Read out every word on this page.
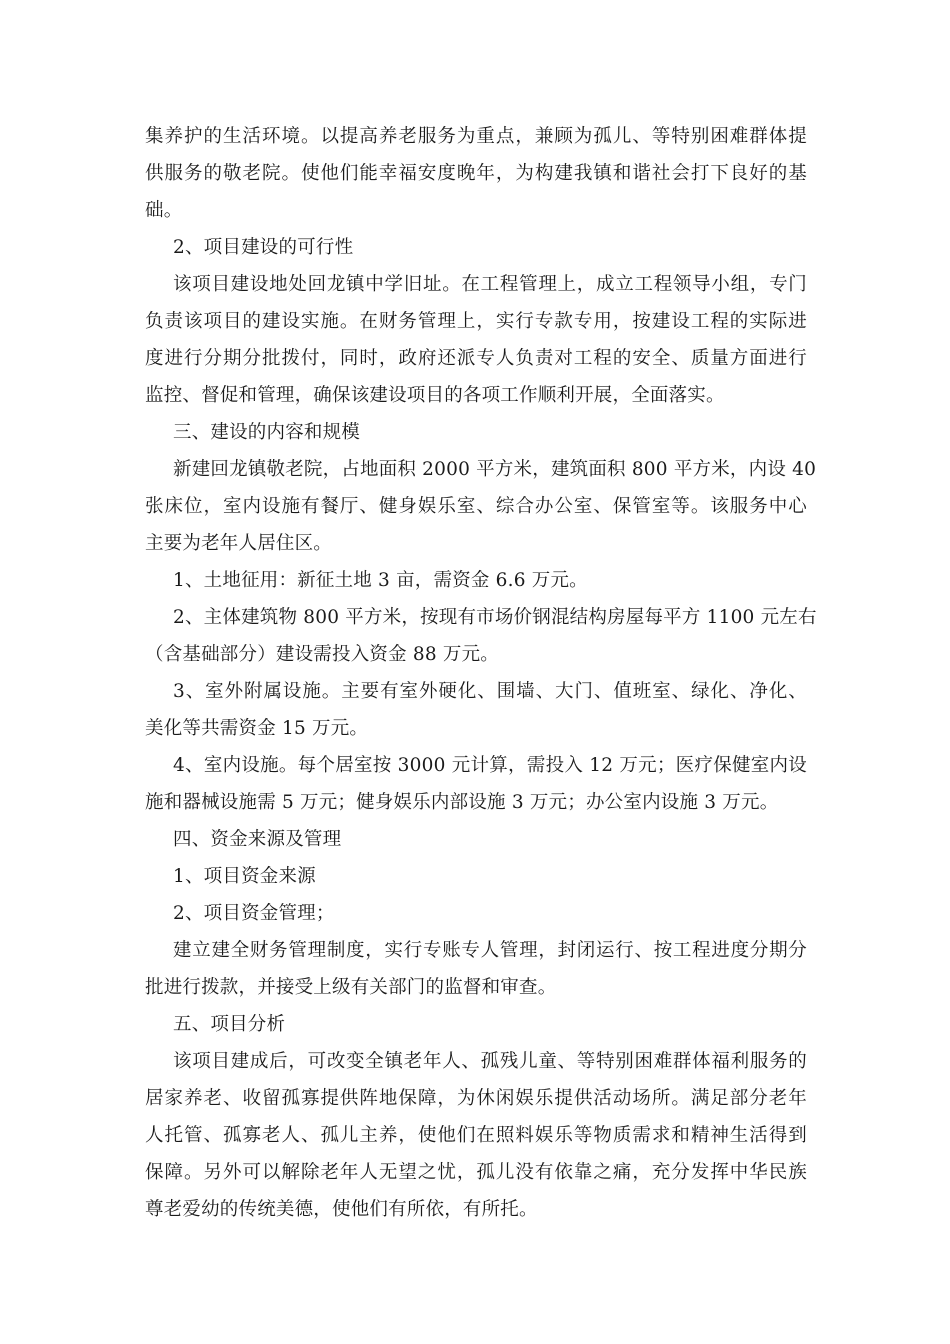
集养护的生活环境。以提高养老服务为重点，兼顾为孤儿、等特别困难群体提
供服务的敬老院。使他们能幸福安度晚年，为构建我镇和谐社会打下良好的基
础。
2、项目建设的可行性
该项目建设地处回龙镇中学旧址。在工程管理上，成立工程领导小组，专门
负责该项目的建设实施。在财务管理上，实行专款专用，按建设工程的实际进
度进行分期分批拨付，同时，政府还派专人负责对工程的安全、质量方面进行
监控、督促和管理，确保该建设项目的各项工作顺利开展，全面落实。
三、建设的内容和规模
新建回龙镇敬老院，占地面积 2000 平方米，建筑面积 800 平方米，内设 40
张床位，室内设施有餐厅、健身娱乐室、综合办公室、保管室等。该服务中心
主要为老年人居住区。
1、土地征用：新征土地 3 亩，需资金 6.6 万元。
2、主体建筑物 800 平方米，按现有市场价钢混结构房屋每平方 1100 元左右
（含基础部分）建设需投入资金 88 万元。
3、室外附属设施。主要有室外硬化、围墙、大门、值班室、绿化、净化、
美化等共需资金 15 万元。
4、室内设施。每个居室按 3000 元计算，需投入 12 万元；医疗保健室内设
施和器械设施需 5 万元；健身娱乐内部设施 3 万元；办公室内设施 3 万元。
四、资金来源及管理
1、项目资金来源
2、项目资金管理；
建立建全财务管理制度，实行专账专人管理，封闭运行、按工程进度分期分
批进行拨款，并接受上级有关部门的监督和审查。
五、项目分析
该项目建成后，可改变全镇老年人、孤残儿童、等特别困难群体福利服务的
居家养老、收留孤寡提供阵地保障，为休闲娱乐提供活动场所。满足部分老年
人托管、孤寡老人、孤儿主养，使他们在照料娱乐等物质需求和精神生活得到
保障。另外可以解除老年人无望之忧，孤儿没有依靠之痛，充分发挥中华民族
尊老爱幼的传统美德，使他们有所依，有所托。
